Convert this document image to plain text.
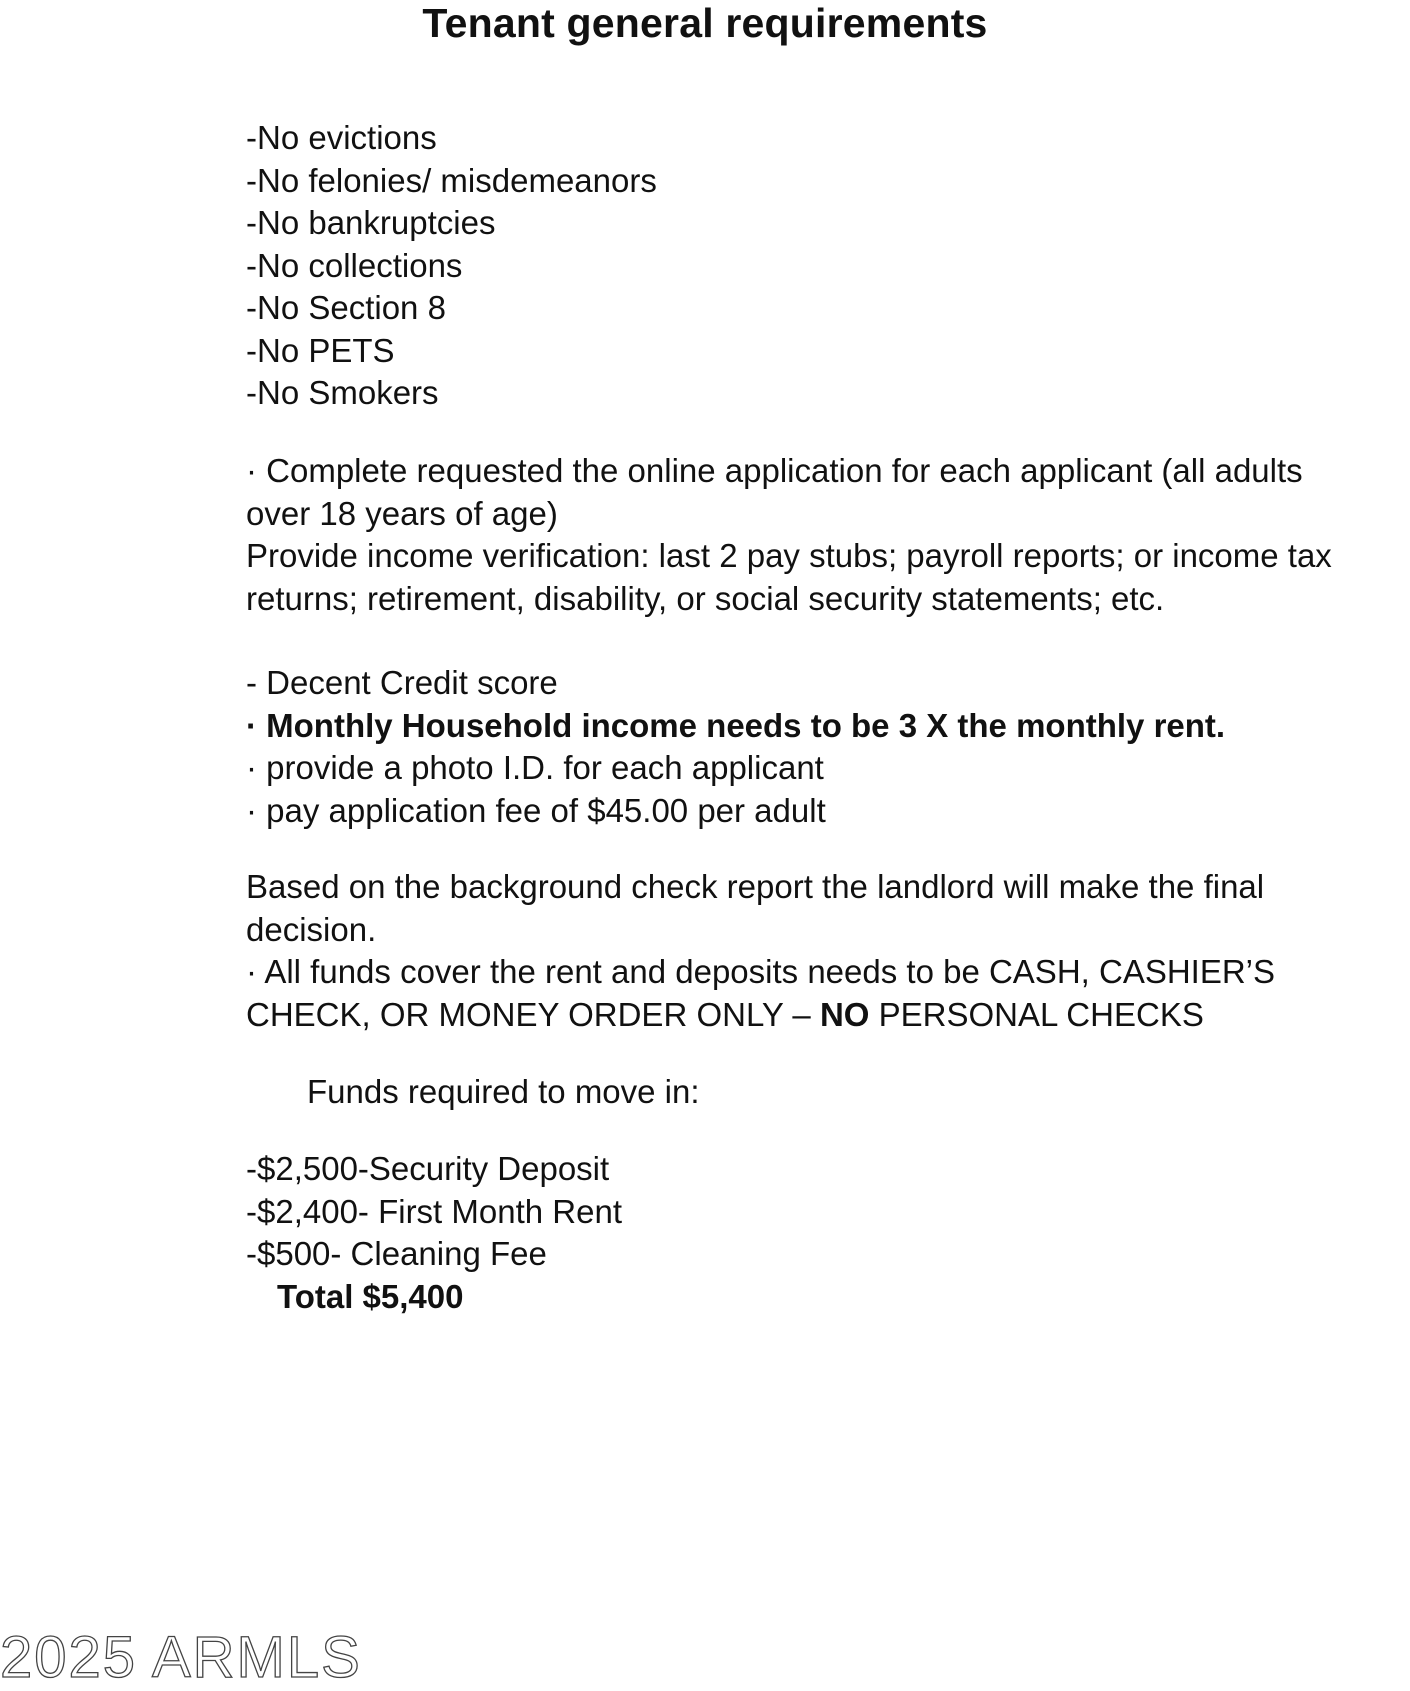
Tenant general requirements
-No evictions
-No felonies/ misdemeanors
-No bankruptcies
-No collections
-No Section 8
-No PETS
-No Smokers
· Complete requested the online application for each applicant (all adults
over 18 years of age)
Provide income verification: last 2 pay stubs; payroll reports; or income tax
returns; retirement, disability, or social security statements; etc.
- Decent Credit score
· Monthly Household income needs to be 3 X the monthly rent.
· provide a photo I.D. for each applicant
· pay application fee of $45.00 per adult
Based on the background check report the landlord will make the final
decision.
· All funds cover the rent and deposits needs to be CASH, CASHIER’S
CHECK, OR MONEY ORDER ONLY – NO PERSONAL CHECKS
Funds required to move in:
-$2,500-Security Deposit
-$2,400- First Month Rent
-$500- Cleaning Fee
Total $5,400
2025 ARMLS
